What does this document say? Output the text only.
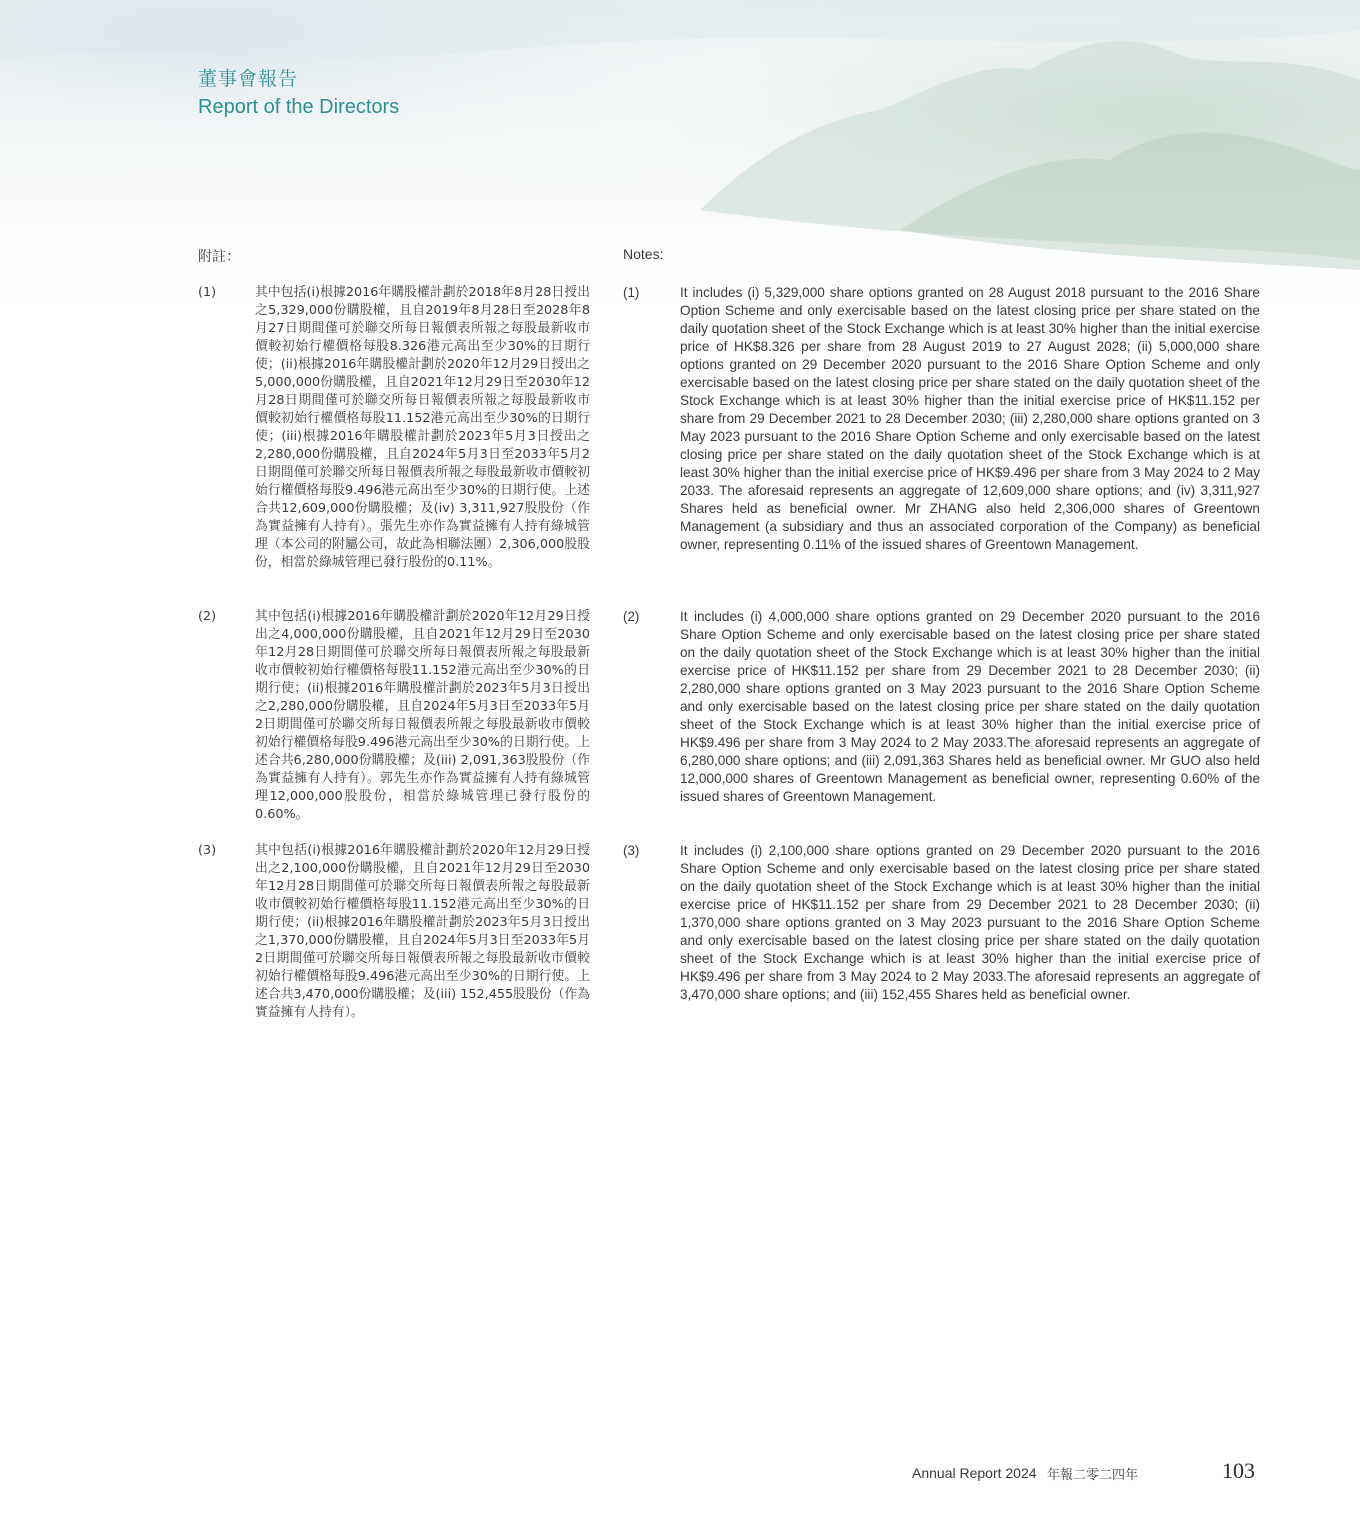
董事會報告
Report of the Directors
附註：	Notes:
(1)	其中包括(i)根據2016年購股權計劃於2018年8月28日授出之5,329,000份購股權，且自2019年8月28日至2028年8月27日期間僅可於聯交所每日報價表所報之每股最新收市價較初始行權價格每股8.326港元高出至少30%的日期行使；(ii)根據2016年購股權計劃於2020年12月29日授出之5,000,000份購股權，且自2021年12月29日至2030年12月28日期間僅可於聯交所每日報價表所報之每股最新收市價較初始行權價格每股11.152港元高出至少30%的日期行使；(iii)根據2016年購股權計劃於2023年5月3日授出之2,280,000份購股權，且自2024年5月3日至2033年5月2日期間僅可於聯交所每日報價表所報之每股最新收市價較初始行權價格每股9.496港元高出至少30%的日期行使。上述合共12,609,000份購股權；及(iv) 3,311,927股股份（作為實益擁有人持有）。張先生亦作為實益擁有人持有綠城管理（本公司的附屬公司，故此為相聯法團）2,306,000股股份，相當於綠城管理已發行股份的0.11%。
(2)	其中包括(i)根據2016年購股權計劃於2020年12月29日授出之4,000,000份購股權，且自2021年12月29日至2030年12月28日期間僅可於聯交所每日報價表所報之每股最新收市價較初始行權價格每股11.152港元高出至少30%的日期行使；(ii)根據2016年購股權計劃於2023年5月3日授出之2,280,000份購股權，且自2024年5月3日至2033年5月2日期間僅可於聯交所每日報價表所報之每股最新收市價較初始行權價格每股9.496港元高出至少30%的日期行使。上述合共6,280,000份購股權；及(iii) 2,091,363股股份（作為實益擁有人持有）。郭先生亦作為實益擁有人持有綠城管理12,000,000股股份，相當於綠城管理已發行股份的0.60%。
(3)	其中包括(i)根據2016年購股權計劃於2020年12月29日授出之2,100,000份購股權，且自2021年12月29日至2030年12月28日期間僅可於聯交所每日報價表所報之每股最新收市價較初始行權價格每股11.152港元高出至少30%的日期行使；(ii)根據2016年購股權計劃於2023年5月3日授出之1,370,000份購股權，且自2024年5月3日至2033年5月2日期間僅可於聯交所每日報價表所報之每股最新收市價較初始行權價格每股9.496港元高出至少30%的日期行使。上述合共3,470,000份購股權；及(iii) 152,455股股份（作為實益擁有人持有）。
(1)	It includes (i) 5,329,000 share options granted on 28 August 2018 pursuant to the 2016 Share Option Scheme and only exercisable based on the latest closing price per share stated on the daily quotation sheet of the Stock Exchange which is at least 30% higher than the initial exercise price of HK$8.326 per share from 28 August 2019 to 27 August 2028; (ii) 5,000,000 share options granted on 29 December 2020 pursuant to the 2016 Share Option Scheme and only exercisable based on the latest closing price per share stated on the daily quotation sheet of the Stock Exchange which is at least 30% higher than the initial exercise price of HK$11.152 per share from 29 December 2021 to 28 December 2030; (iii) 2,280,000 share options granted on 3 May 2023 pursuant to the 2016 Share Option Scheme and only exercisable based on the latest closing price per share stated on the daily quotation sheet of the Stock Exchange which is at least 30% higher than the initial exercise price of HK$9.496 per share from 3 May 2024 to 2 May 2033. The aforesaid represents an aggregate of 12,609,000 share options; and (iv) 3,311,927 Shares held as beneficial owner. Mr ZHANG also held 2,306,000 shares of Greentown Management (a subsidiary and thus an associated corporation of the Company) as beneficial owner, representing 0.11% of the issued shares of Greentown Management.
(2)	It includes (i) 4,000,000 share options granted on 29 December 2020 pursuant to the 2016 Share Option Scheme and only exercisable based on the latest closing price per share stated on the daily quotation sheet of the Stock Exchange which is at least 30% higher than the initial exercise price of HK$11.152 per share from 29 December 2021 to 28 December 2030; (ii) 2,280,000 share options granted on 3 May 2023 pursuant to the 2016 Share Option Scheme and only exercisable based on the latest closing price per share stated on the daily quotation sheet of the Stock Exchange which is at least 30% higher than the initial exercise price of HK$9.496 per share from 3 May 2024 to 2 May 2033.The aforesaid represents an aggregate of 6,280,000 share options; and (iii) 2,091,363 Shares held as beneficial owner. Mr GUO also held 12,000,000 shares of Greentown Management as beneficial owner, representing 0.60% of the issued shares of Greentown Management.
(3)	It includes (i) 2,100,000 share options granted on 29 December 2020 pursuant to the 2016 Share Option Scheme and only exercisable based on the latest closing price per share stated on the daily quotation sheet of the Stock Exchange which is at least 30% higher than the initial exercise price of HK$11.152 per share from 29 December 2021 to 28 December 2030; (ii) 1,370,000 share options granted on 3 May 2023 pursuant to the 2016 Share Option Scheme and only exercisable based on the latest closing price per share stated on the daily quotation sheet of the Stock Exchange which is at least 30% higher than the initial exercise price of HK$9.496 per share from 3 May 2024 to 2 May 2033.The aforesaid represents an aggregate of 3,470,000 share options; and (iii) 152,455 Shares held as beneficial owner.
Annual Report 2024 年報二零二四年	103
